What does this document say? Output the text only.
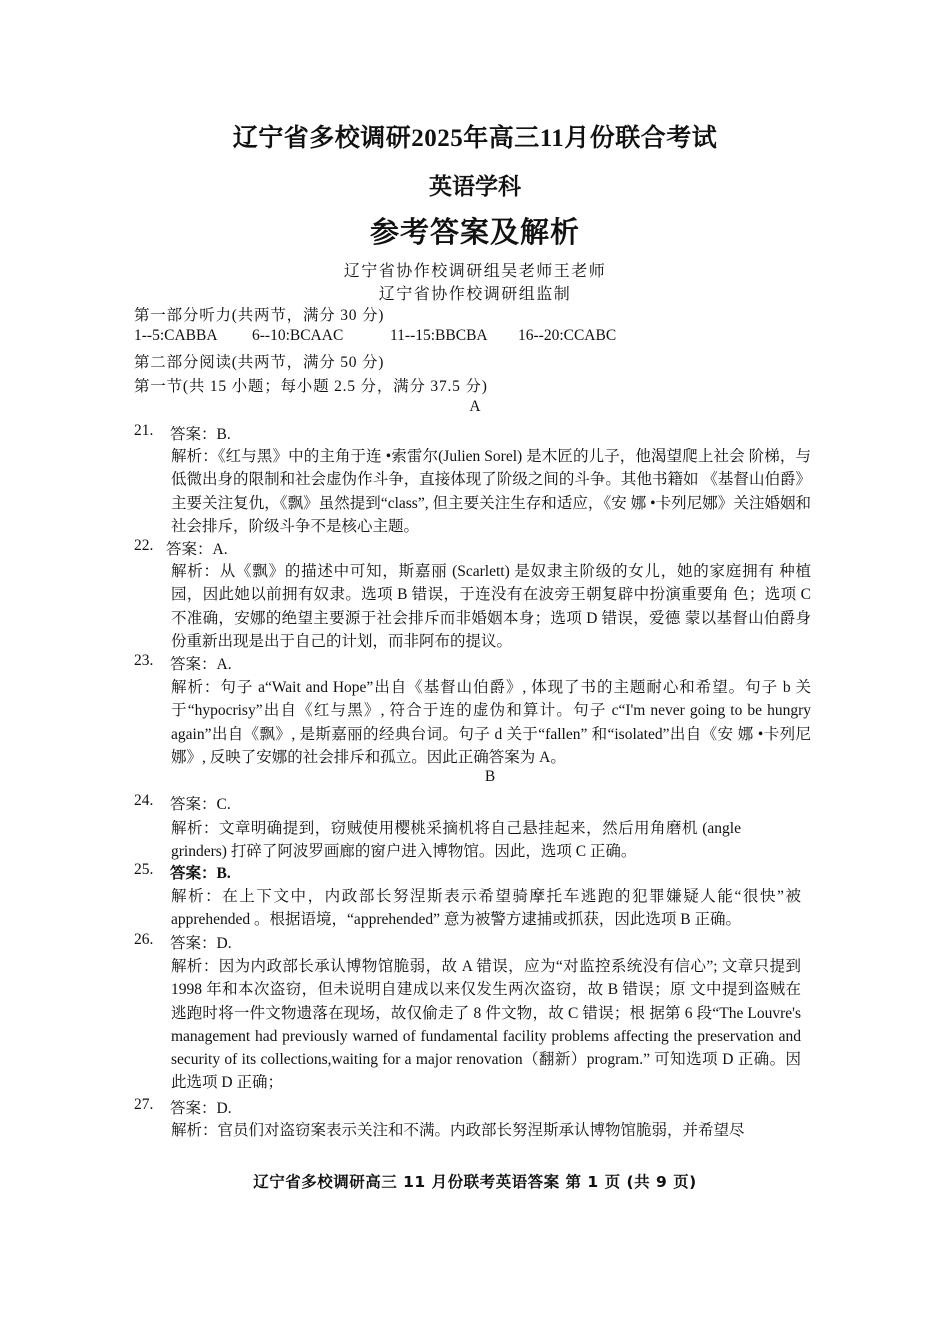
辽宁省多校调研2025年高三11月份联合考试
英语学科
参考答案及解析
辽宁省协作校调研组吴老师王老师
辽宁省协作校调研组监制
第一部分听力(共两节，满分 30 分)
1--5:CABBA	6--10:BCAAC	11--15:BBCBA	16--20:CCABC
第二部分阅读(共两节，满分 50 分)
第一节(共 15 小题；每小题 2.5 分，满分 37.5 分)
A
21. 答案：B.
解析：《红与黑》中的主角于连 •索雷尔(Julien Sorel) 是木匠的儿子，他渴望爬上社会 阶梯，与低微出身的限制和社会虚伪作斗争，直接体现了阶级之间的斗争。其他书籍如 《基督山伯爵》主要关注复仇，《飘》虽然提到“class”, 但主要关注生存和适应，《安 娜 •卡列尼娜》关注婚姻和社会排斥，阶级斗争不是核心主题。
22. 答案：A.
解析：从《飘》的描述中可知，斯嘉丽 (Scarlett) 是奴隶主阶级的女儿，她的家庭拥有 种植园，因此她以前拥有奴隶。选项 B 错误，于连没有在波旁王朝复辟中扮演重要角 色；选项 C 不准确，安娜的绝望主要源于社会排斥而非婚姻本身；选项 D 错误，爱德 蒙以基督山伯爵身份重新出现是出于自己的计划，而非阿布的提议。
23. 答案：A.
解析：句子 a“Wait and Hope”出自《基督山伯爵》, 体现了书的主题耐心和希望。句子 b 关于“hypocrisy”出自《红与黑》, 符合于连的虚伪和算计。句子 c“I'm never going to be hungry again”出自《飘》, 是斯嘉丽的经典台词。句子 d 关于“fallen” 和“isolated”出自《安 娜 •卡列尼娜》, 反映了安娜的社会排斥和孤立。因此正确答案为 A。
B
24. 答案：C.
解析：文章明确提到，窃贼使用樱桃采摘机将自己悬挂起来，然后用角磨机 (angle grinders) 打碎了阿波罗画廊的窗户进入博物馆。因此，选项 C 正确。
25. 答案：B.
解析：在上下文中，内政部长努涅斯表示希望骑摩托车逃跑的犯罪嫌疑人能“很快”被 apprehended 。根据语境，“apprehended” 意为被警方逮捕或抓获，因此选项 B 正确。
26. 答案：D.
解析：因为内政部长承认博物馆脆弱，故 A 错误，应为“对监控系统没有信心”; 文章只提到 1998 年和本次盗窃，但未说明自建成以来仅发生两次盗窃，故 B 错误；原 文中提到盗贼在逃跑时将一件文物遗落在现场，故仅偷走了 8 件文物，故 C 错误；根 据第 6 段“The Louvre's management had previously warned of fundamental facility problems affecting the preservation and security of its collections,waiting for a major renovation（翻新）program.” 可知选项 D 正确。因此选项 D 正确；
27. 答案：D.
解析：官员们对盗窃案表示关注和不满。内政部长努涅斯承认博物馆脆弱，并希望尽
辽宁省多校调研高三 11 月份联考英语答案 第 1 页 (共 9 页)
